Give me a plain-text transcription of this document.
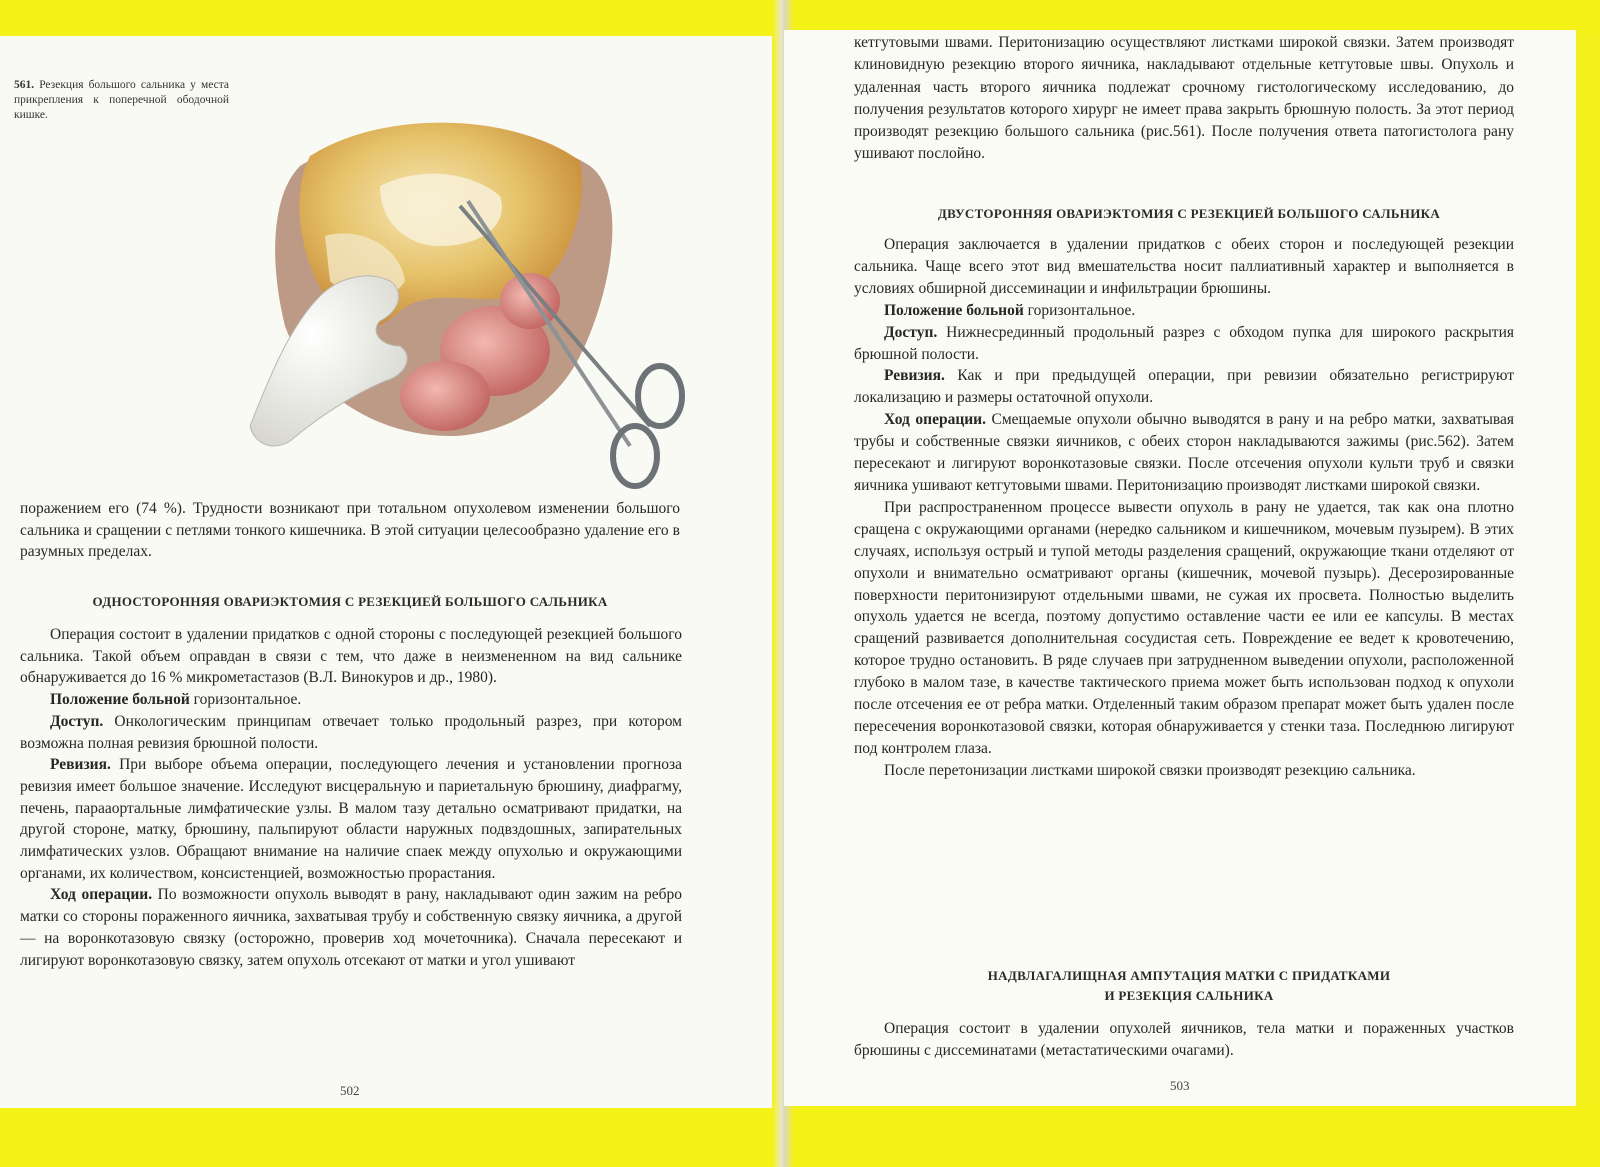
561. Резекция большого сальника у места прикрепления к поперечной ободочной кишке.

поражением его (74 %). Трудности возникают при тотальном опухолевом изменении большого сальника и сращении с петлями тонкого кишечника. В этой ситуации целесообразно удаление его в разумных пределах.

ОДНОСТОРОННЯЯ ОВАРИЭКТОМИЯ С РЕЗЕКЦИЕЙ БОЛЬШОГО САЛЬНИКА

Операция состоит в удалении придатков с одной стороны с последующей резекцией большого сальника. Такой объем оправдан в связи с тем, что даже в неизмененном на вид сальнике обнаруживается до 16 % микрометастазов (В.Л. Винокуров и др., 1980).

Положение больной горизонтальное.

Доступ. Онкологическим принципам отвечает только продольный разрез, при котором возможна полная ревизия брюшной полости.

Ревизия. При выборе объема операции, последующего лечения и установлении прогноза ревизия имеет большое значение. Исследуют висцеральную и париетальную брюшину, диафрагму, печень, парааортальные лимфатические узлы. В малом тазу детально осматривают придатки, на другой стороне, матку, брюшину, пальпируют области наружных подвздошных, запирательных лимфатических узлов. Обращают внимание на наличие спаек между опухолью и окружающими органами, их количеством, консистенцией, возможностью прорастания.

Ход операции. По возможности опухоль выводят в рану, накладывают один зажим на ребро матки со стороны пораженного яичника, захватывая трубу и собственную связку яичника, а другой — на воронкотазовую связку (осторожно, проверив ход мочеточника). Сначала пересекают и лигируют воронкотазовую связку, затем опухоль отсекают от матки и угол ушивают

502

кетгутовыми швами. Перитонизацию осуществляют листками широкой связки. Затем производят клиновидную резекцию второго яичника, накладывают отдельные кетгутовые швы. Опухоль и удаленная часть второго яичника подлежат срочному гистологическому исследованию, до получения результатов которого хирург не имеет права закрыть брюшную полость. За этот период производят резекцию большого сальника (рис.561). После получения ответа патогистолога рану ушивают послойно.

ДВУСТОРОННЯЯ ОВАРИЭКТОМИЯ С РЕЗЕКЦИЕЙ БОЛЬШОГО САЛЬНИКА

Операция заключается в удалении придатков с обеих сторон и последующей резекции сальника. Чаще всего этот вид вмешательства носит паллиативный характер и выполняется в условиях обширной диссеминации и инфильтрации брюшины.

Положение больной горизонтальное.

Доступ. Нижнесрединный продольный разрез с обходом пупка для широкого раскрытия брюшной полости.

Ревизия. Как и при предыдущей операции, при ревизии обязательно регистрируют локализацию и размеры остаточной опухоли.

Ход операции. Смещаемые опухоли обычно выводятся в рану и на ребро матки, захватывая трубы и собственные связки яичников, с обеих сторон накладываются зажимы (рис.562). Затем пересекают и лигируют воронкотазовые связки. После отсечения опухоли культи труб и связки яичника ушивают кетгутовыми швами. Перитонизацию производят листками широкой связки.

При распространенном процессе вывести опухоль в рану не удается, так как она плотно сращена с окружающими органами (нередко сальником и кишечником, мочевым пузырем). В этих случаях, используя острый и тупой методы разделения сращений, окружающие ткани отделяют от опухоли и внимательно осматривают органы (кишечник, мочевой пузырь). Десерозированные поверхности перитонизируют отдельными швами, не сужая их просвета. Полностью выделить опухоль удается не всегда, поэтому допустимо оставление части ее или ее капсулы. В местах сращений развивается дополнительная сосудистая сеть. Повреждение ее ведет к кровотечению, которое трудно остановить. В ряде случаев при затрудненном выведении опухоли, расположенной глубоко в малом тазе, в качестве тактического приема может быть использован подход к опухоли после отсечения ее от ребра матки. Отделенный таким образом препарат может быть удален после пересечения воронкотазовой связки, которая обнаруживается у стенки таза. Последнюю лигируют под контролем глаза.

После перетонизации листками широкой связки производят резекцию сальника.

НАДВЛАГАЛИЩНАЯ АМПУТАЦИЯ МАТКИ С ПРИДАТКАМИ
И РЕЗЕКЦИЯ САЛЬНИКА

Операция состоит в удалении опухолей яичников, тела матки и пораженных участков брюшины с диссеминатами (метастатическими очагами).

503
